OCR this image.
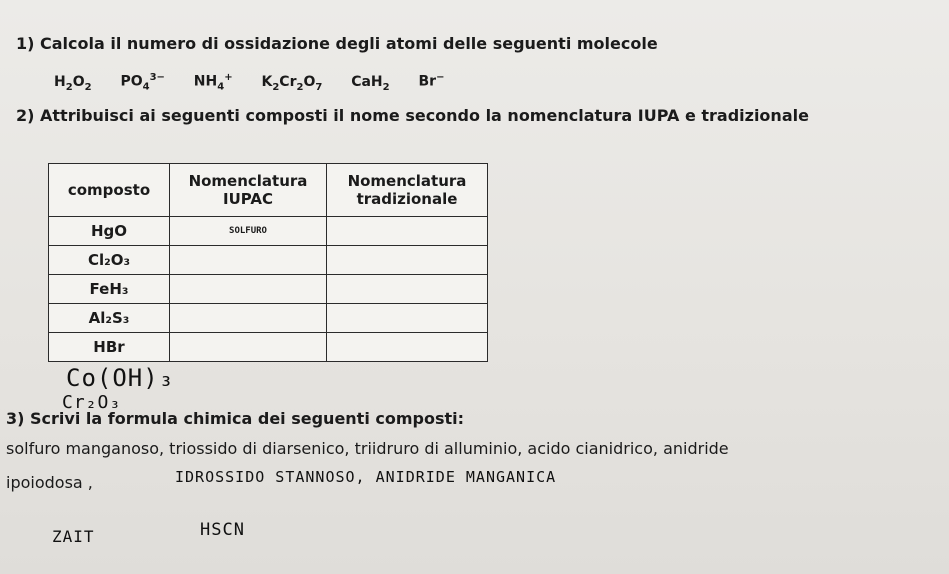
1) Calcola il numero di ossidazione degli atomi delle seguenti molecole
$H_2O_2$ $PO_4^{3-}$ $NH_4^+$ $K_2Cr_2O_7$ CaH$_2$ Br−
2) Attribuisci ai seguenti composti il nome secondo la nomenclatura IUPA e tradizionale
composto	Nomenclatura IUPAC	Nomenclatura tradizionale
HgO	SOLFURO	
Cl₂O₃		
FeH₃		
Al₂S₃		
HBr		
Co(OH)₃
Cr₂O₃
3) Scrivi la formula chimica dei seguenti composti:
solfuro manganoso, triossido di diarsenico, triidruro di alluminio, acido cianidrico, anidride
ipoiodosa ,	IDROSSIDO STANNOSO, ANIDRIDE MANGANICA
ZAIT	HSCN
